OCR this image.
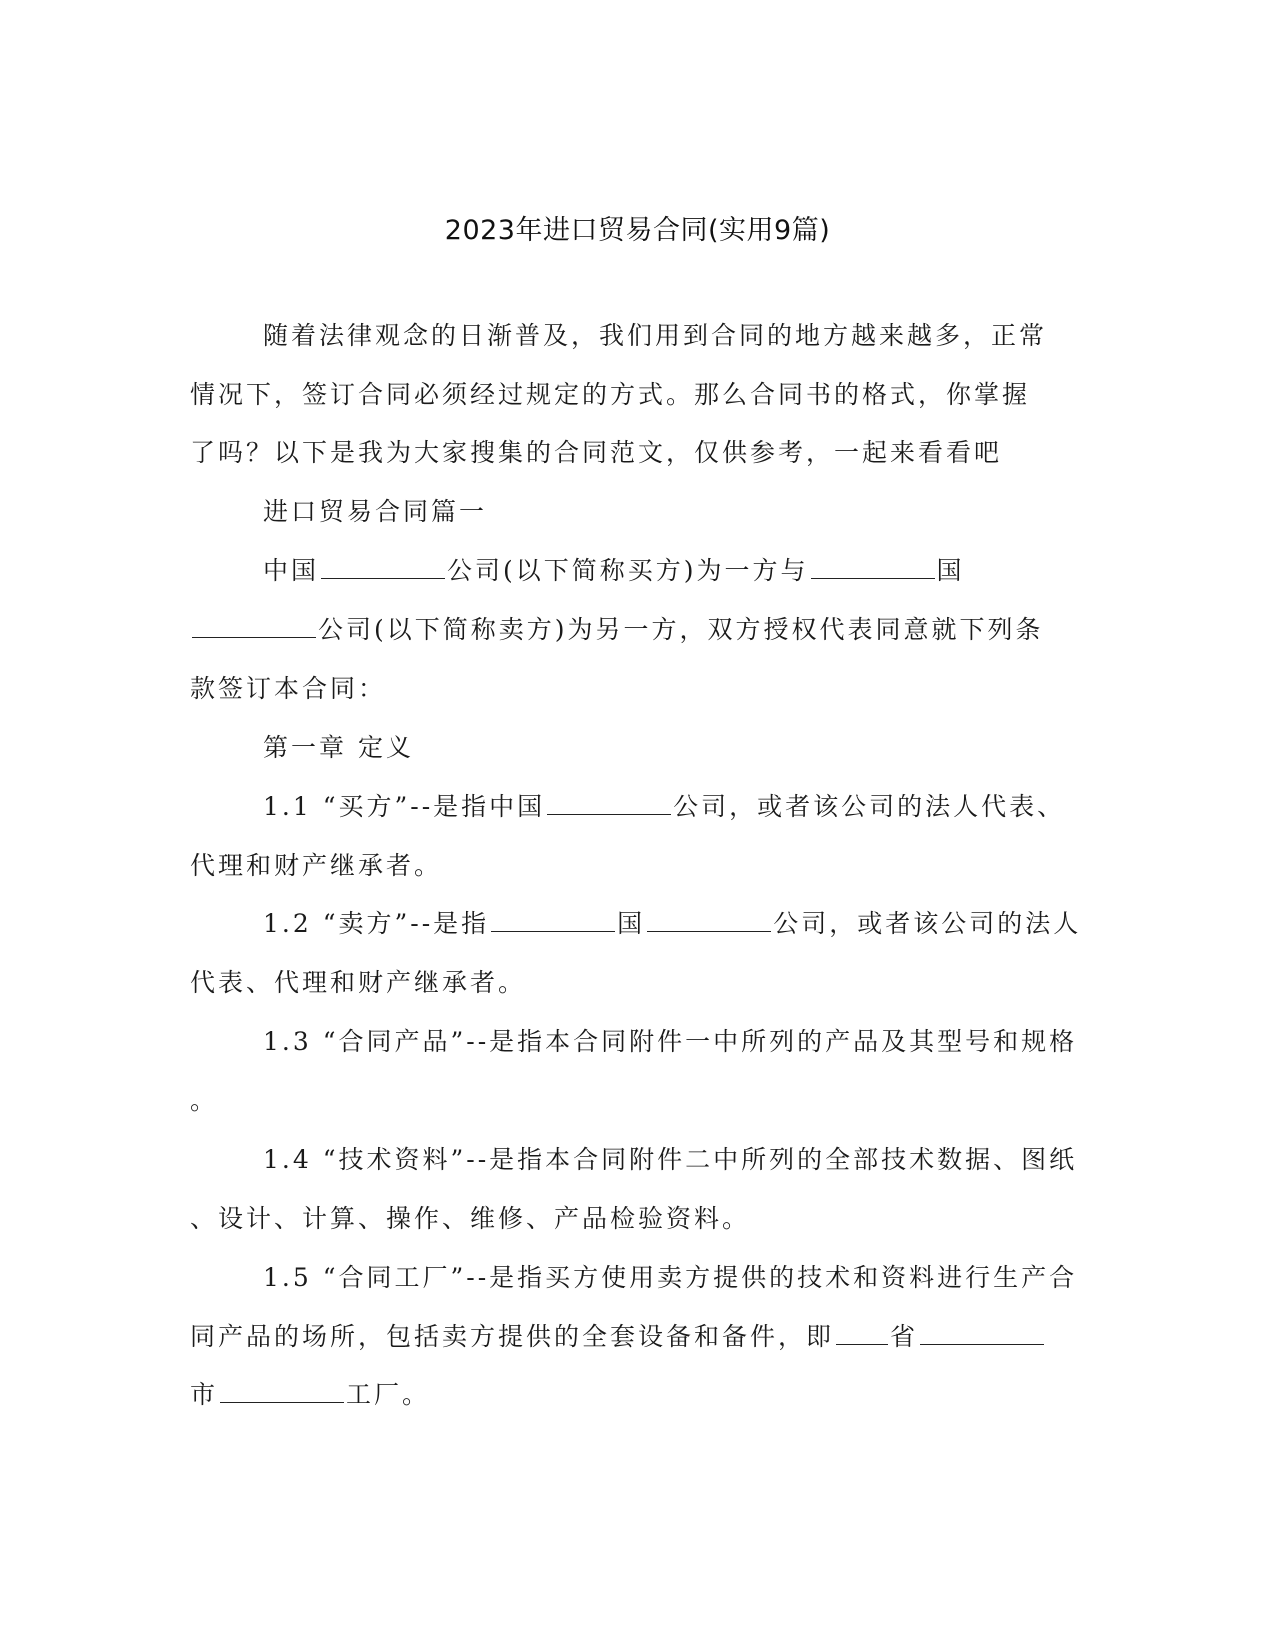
2023年进口贸易合同(实用9篇)
随着法律观念的日渐普及，我们用到合同的地方越来越多，正常
情况下，签订合同必须经过规定的方式。那么合同书的格式，你掌握
了吗？以下是我为大家搜集的合同范文，仅供参考，一起来看看吧
进口贸易合同篇一
中国	公司(以下简称买方)为一方与	国
公司(以下简称卖方)为另一方，双方授权代表同意就下列条
款签订本合同：
第一章 定义
1.1 “买方”--是指中国	公司，或者该公司的法人代表、
代理和财产继承者。
1.2 “卖方”--是指	国	公司，或者该公司的法人
代表、代理和财产继承者。
1.3 “合同产品”--是指本合同附件一中所列的产品及其型号和规格
。
1.4 “技术资料”--是指本合同附件二中所列的全部技术数据、图纸
、设计、计算、操作、维修、产品检验资料。
1.5 “合同工厂”--是指买方使用卖方提供的技术和资料进行生产合
同产品的场所，包括卖方提供的全套设备和备件，即 省
市	工厂。
